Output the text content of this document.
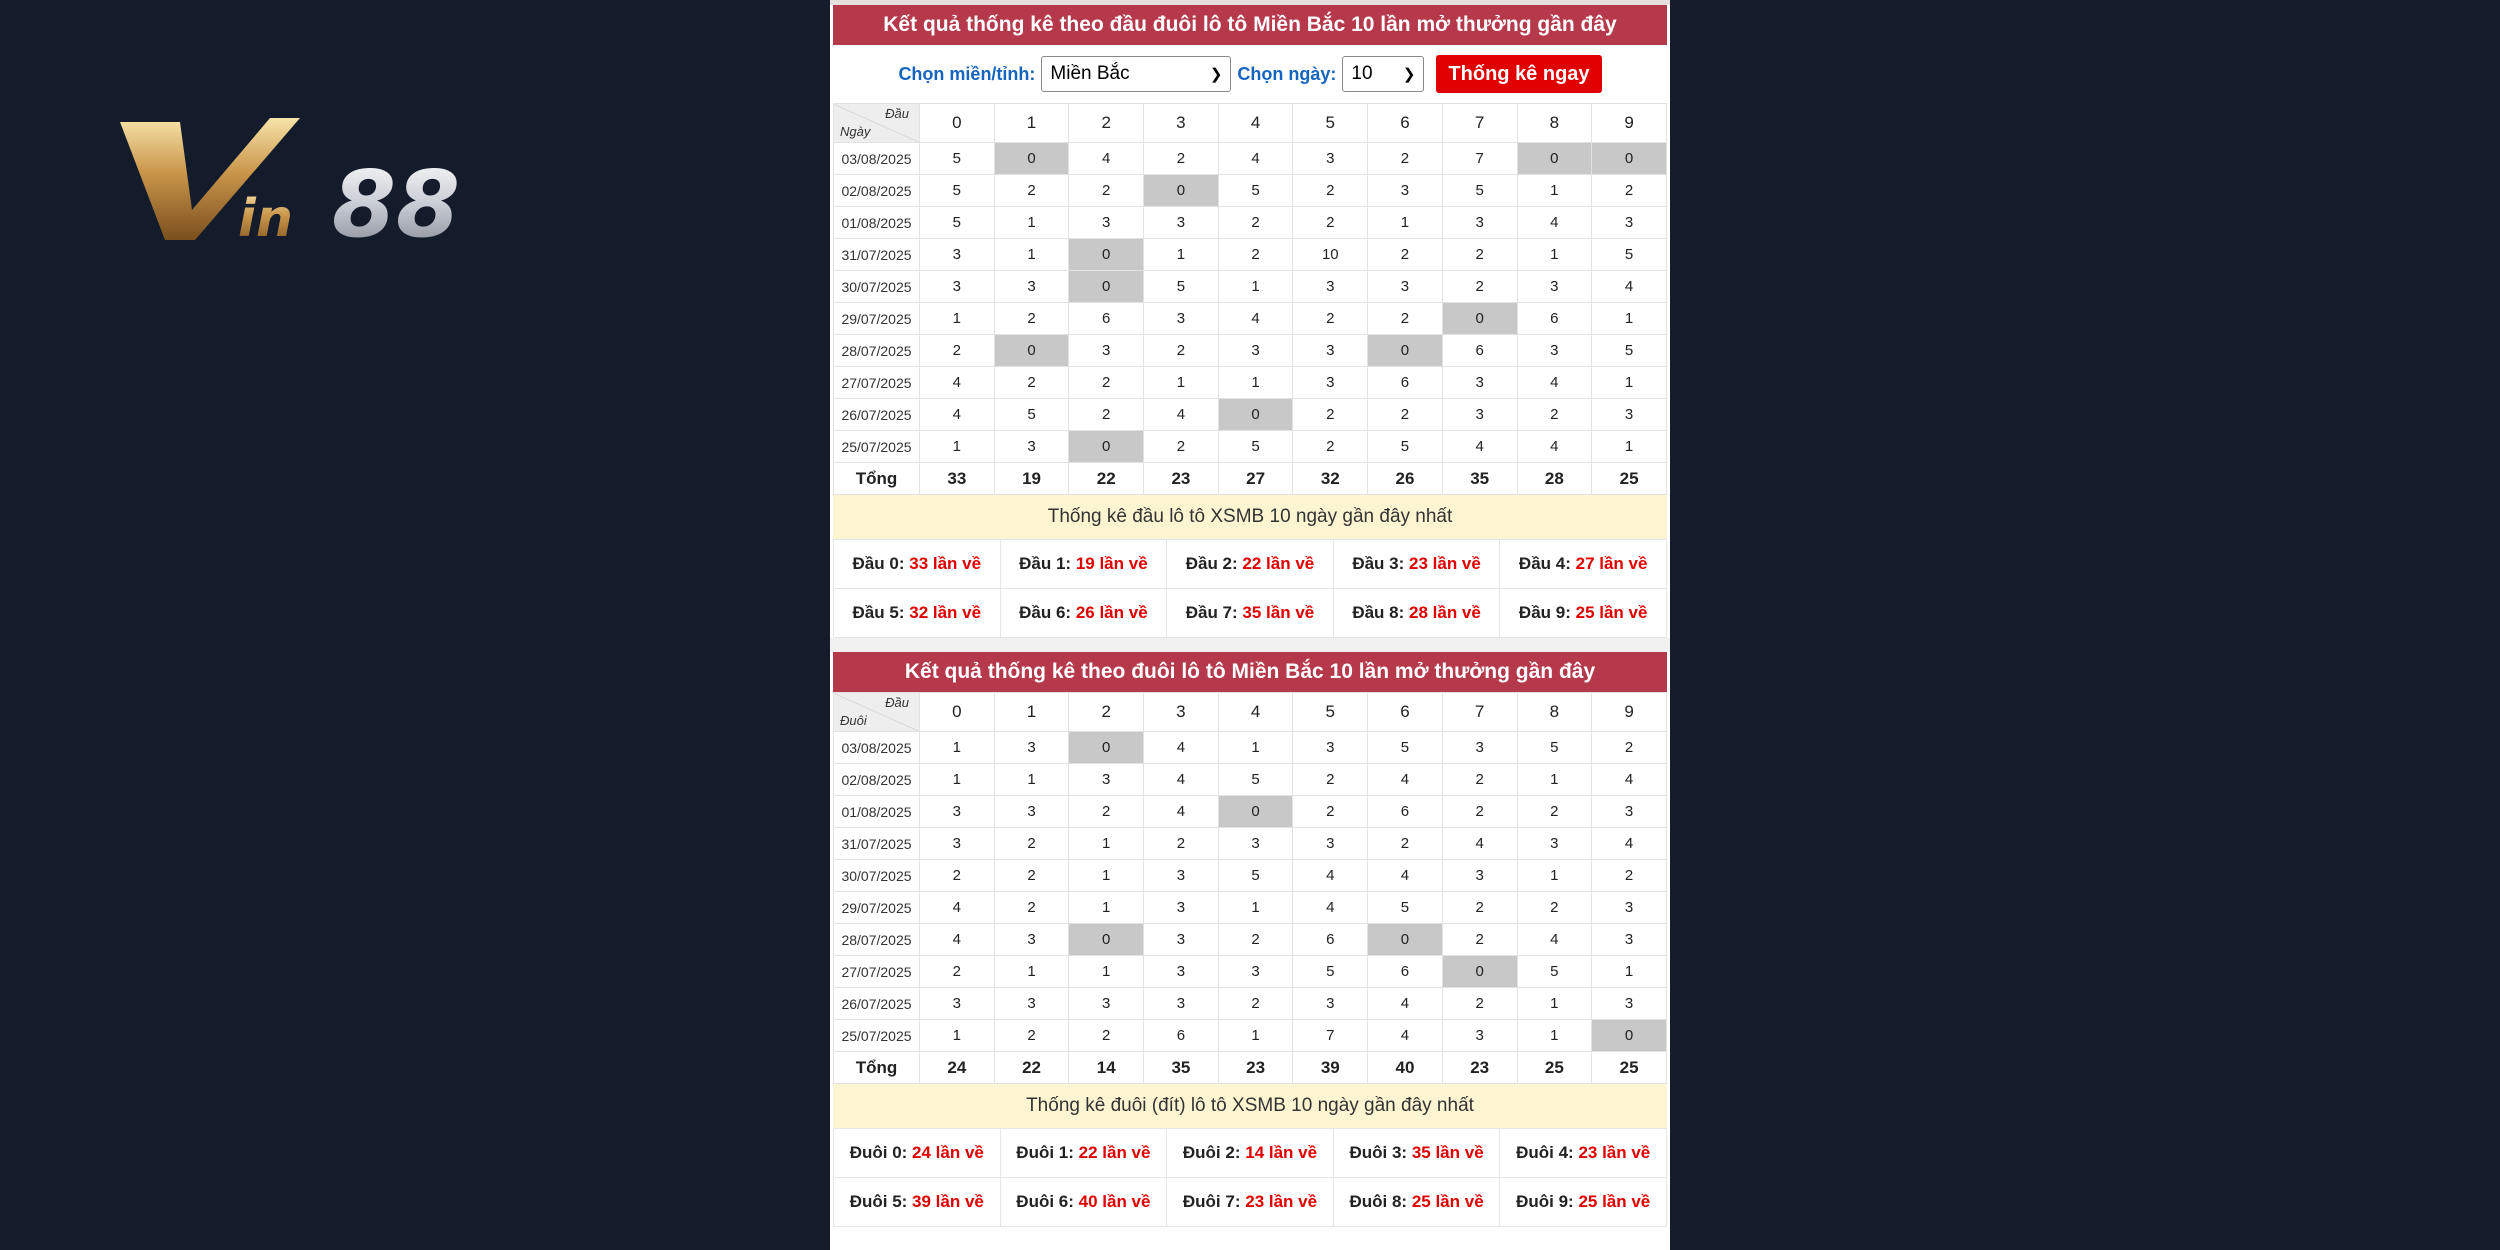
in 88
Kết quả thống kê theo đầu đuôi lô tô Miền Bắc 10 lần mở thưởng gần đây
Chọn miền/tỉnh: Miền Bắc	❯ Chọn ngày: 10 ❯	Thống kê ngay
Đầu
Ngày	0	1	2	3	4	5	6	7	8	9
03/08/2025	5	0	4	2	4	3	2	7	0	0
02/08/2025	5	2	2	0	5	2	3	5	1	2
01/08/2025	5	1	3	3	2	2	1	3	4	3
31/07/2025	3	1	0	1	2	10	2	2	1	5
30/07/2025	3	3	0	5	1	3	3	2	3	4
29/07/2025	1	2	6	3	4	2	2	0	6	1
28/07/2025	2	0	3	2	3	3	0	6	3	5
27/07/2025	4	2	2	1	1	3	6	3	4	1
26/07/2025	4	5	2	4	0	2	2	3	2	3
25/07/2025	1	3	0	2	5	2	5	4	4	1
Tổng	33	19	22	23	27	32	26	35	28	25
Thống kê đầu lô tô XSMB 10 ngày gần đây nhất
Đầu 0: 33 lần về	Đầu 1: 19 lần về	Đầu 2: 22 lần về	Đầu 3: 23 lần về	Đầu 4: 27 lần về
Đầu 5: 32 lần về	Đầu 6: 26 lần về	Đầu 7: 35 lần về	Đầu 8: 28 lần về	Đầu 9: 25 lần về
Kết quả thống kê theo đuôi lô tô Miền Bắc 10 lần mở thưởng gần đây
Đầu
Đuôi	0	1	2	3	4	5	6	7	8	9
03/08/2025	1	3	0	4	1	3	5	3	5	2
02/08/2025	1	1	3	4	5	2	4	2	1	4
01/08/2025	3	3	2	4	0	2	6	2	2	3
31/07/2025	3	2	1	2	3	3	2	4	3	4
30/07/2025	2	2	1	3	5	4	4	3	1	2
29/07/2025	4	2	1	3	1	4	5	2	2	3
28/07/2025	4	3	0	3	2	6	0	2	4	3
27/07/2025	2	1	1	3	3	5	6	0	5	1
26/07/2025	3	3	3	3	2	3	4	2	1	3
25/07/2025	1	2	2	6	1	7	4	3	1	0
Tổng	24	22	14	35	23	39	40	23	25	25
Thống kê đuôi (đít) lô tô XSMB 10 ngày gần đây nhất
Đuôi 0: 24 lần về	Đuôi 1: 22 lần về	Đuôi 2: 14 lần về	Đuôi 3: 35 lần về	Đuôi 4: 23 lần về
Đuôi 5: 39 lần về	Đuôi 6: 40 lần về	Đuôi 7: 23 lần về	Đuôi 8: 25 lần về	Đuôi 9: 25 lần về
